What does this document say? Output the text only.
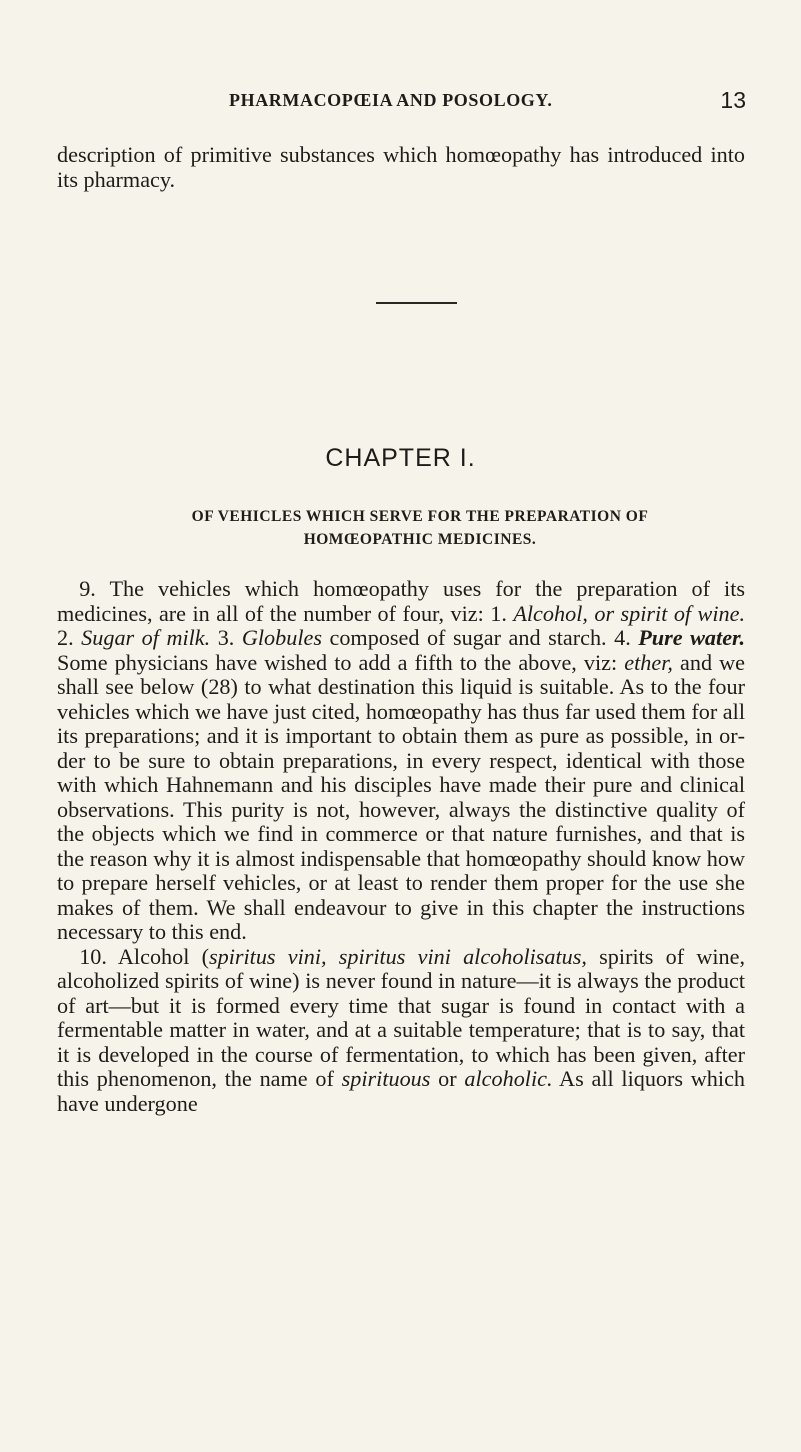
PHARMACOPŒIA AND POSOLOGY.	13

description of primitive substances which homœopathy has introduced into its pharmacy.

CHAPTER I.
OF VEHICLES WHICH SERVE FOR THE PREPARATION OF HOMŒOPATHIC MEDICINES.

9. The vehicles which homœopathy uses for the preparation of its medicines, are in all of the number of four, viz: 1. Alcohol, or spirit of wine. 2. Sugar of milk. 3. Globules composed of sugar and starch. 4. Pure water. Some physicians have wished to add a fifth to the above, viz: ether, and we shall see below (28) to what destination this liquid is suitable. As to the four vehicles which we have just cited, homœopathy has thus far used them for all its preparations; and it is important to obtain them as pure as possible, in order to be sure to obtain preparations, in every respect, identical with those with which Hahnemann and his disciples have made their pure and clinical observations. This purity is not, however, always the distinctive quality of the objects which we find in commerce or that nature furnishes, and that is the reason why it is almost indispensable that homœopathy should know how to prepare herself vehicles, or at least to render them proper for the use she makes of them. We shall endeavour to give in this chapter the instructions necessary to this end.

10. Alcohol (spiritus vini, spiritus vini alcoholisatus, spirits of wine, alcoholized spirits of wine) is never found in nature—it is always the product of art—but it is formed every time that sugar is found in contact with a fermentable matter in water, and at a suitable temperature; that is to say, that it is developed in the course of fermentation, to which has been given, after this phenomenon, the name of spirituous or alcoholic. As all liquors which have undergone
